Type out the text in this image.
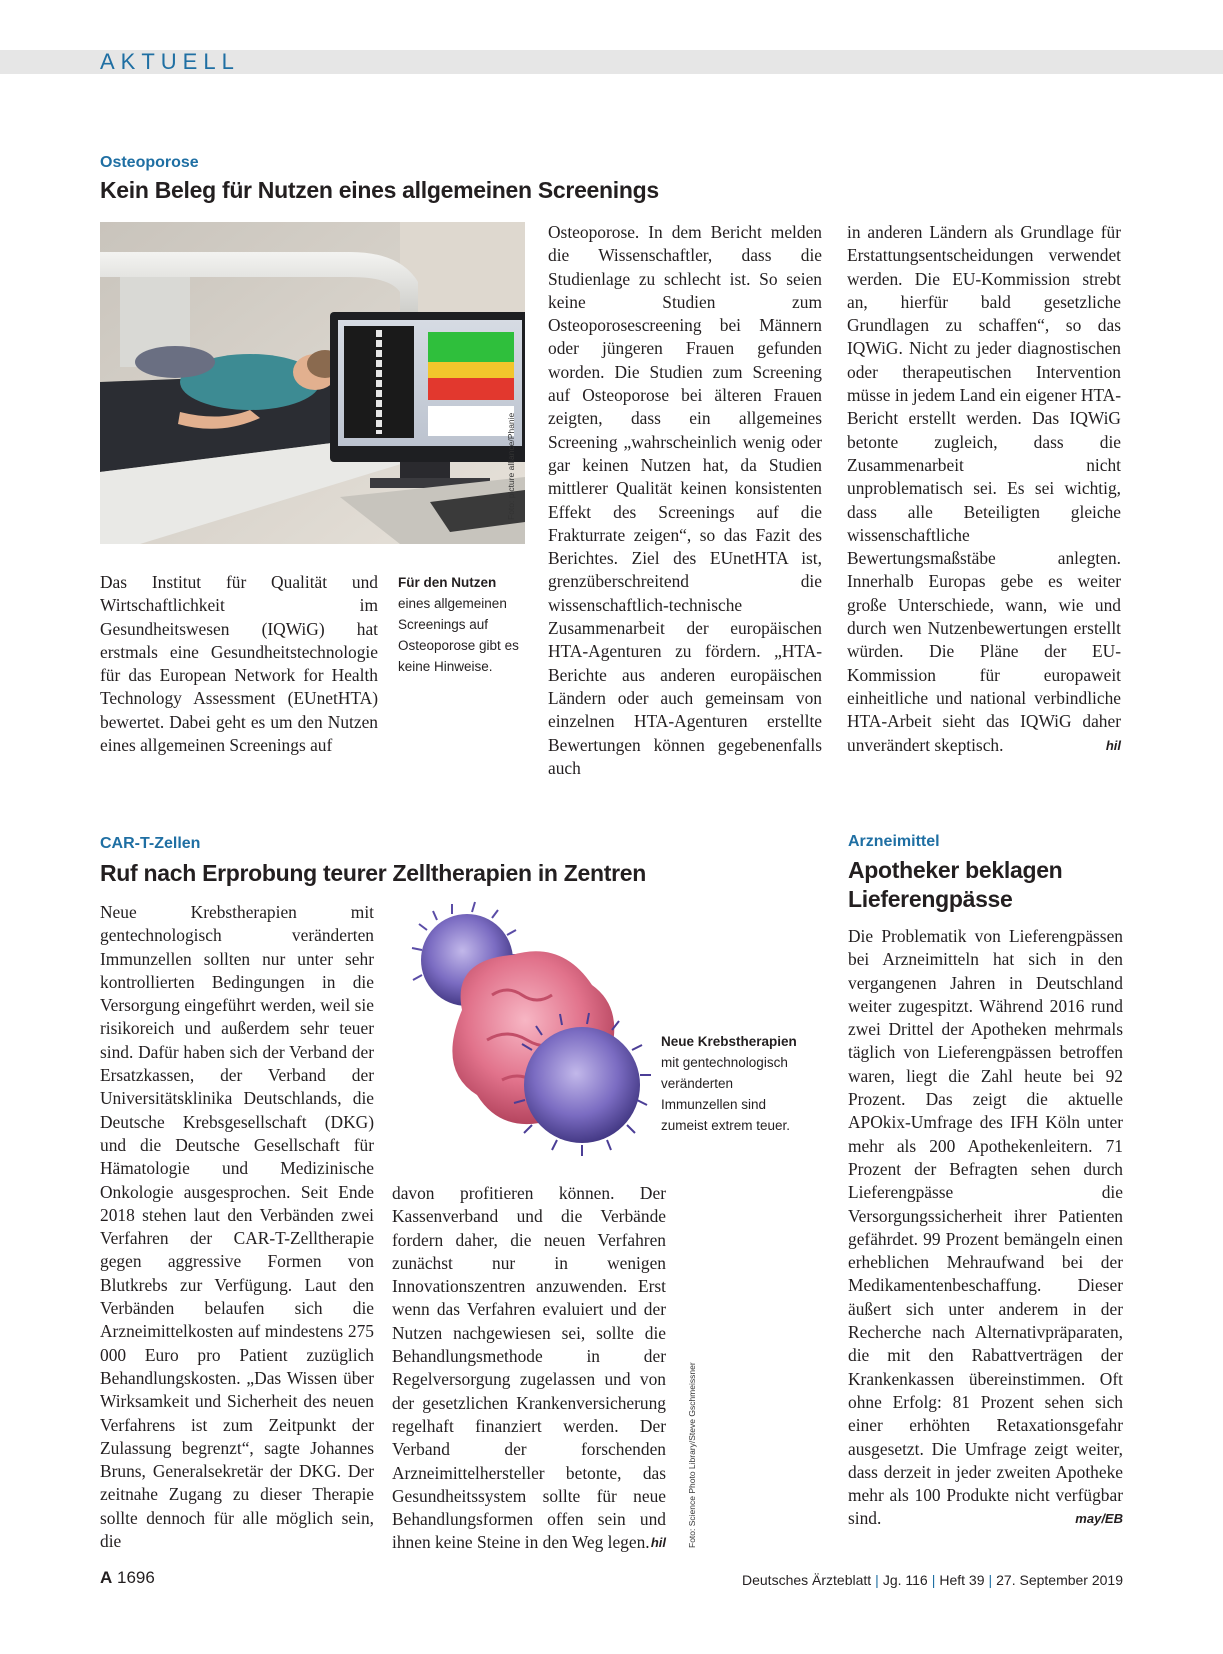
AKTUELL
Osteoporose
Kein Beleg für Nutzen eines allgemeinen Screenings
Foto: picture alliance/Phanie
Das Institut für Qualität und Wirtschaftlichkeit im Gesundheitswesen (IQWiG) hat erstmals eine Gesundheitstechnologie für das European Network for Health Technology Assessment (EUnetHTA) bewertet. Dabei geht es um den Nutzen eines allgemeinen Screenings auf
Für den Nutzen
eines allgemeinen Screenings auf Osteoporose gibt es keine Hinweise.
Osteoporose. In dem Bericht melden die Wissenschaftler, dass die Studienlage zu schlecht ist. So seien keine Studien zum Osteoporosescreening bei Männern oder jüngeren Frauen gefunden worden. Die Studien zum Screening auf Osteoporose bei älteren Frauen zeigten, dass ein allgemeines Screening „wahrscheinlich wenig oder gar keinen Nutzen hat, da Studien mittlerer Qualität keinen konsistenten Effekt des Screenings auf die Frakturrate zeigen“, so das Fazit des Berichtes. Ziel des EUnetHTA ist, grenzüberschreitend die wissenschaftlich-technische Zusammenarbeit der europäischen HTA-Agenturen zu fördern. „HTA-Berichte aus anderen europäischen Ländern oder auch gemeinsam von einzelnen HTA-Agenturen erstellte Bewertungen können gegebenenfalls auch
in anderen Ländern als Grundlage für Erstattungsentscheidungen verwendet werden. Die EU-Kommission strebt an, hierfür bald gesetzliche Grundlagen zu schaffen“, so das IQWiG. Nicht zu jeder diagnostischen oder therapeutischen Intervention müsse in jedem Land ein eigener HTA-Bericht erstellt werden. Das IQWiG betonte zugleich, dass die Zusammenarbeit nicht unproblematisch sei. Es sei wichtig, dass alle Beteiligten gleiche wissenschaftliche Bewertungsmaßstäbe anlegten. Innerhalb Europas gebe es weiter große Unterschiede, wann, wie und durch wen Nutzenbewertungen erstellt würden. Die Pläne der EU-Kommission für europaweit einheitliche und national verbindliche HTA-Arbeit sieht das IQWiG daher unverändert skeptisch.	hil
CAR-T-Zellen
Ruf nach Erprobung teurer Zelltherapien in Zentren
Neue Krebstherapien mit gentechnologisch veränderten Immunzellen sollten nur unter sehr kontrollierten Bedingungen in die Versorgung eingeführt werden, weil sie risikoreich und außerdem sehr teuer sind. Dafür haben sich der Verband der Ersatzkassen, der Verband der Universitätsklinika Deutschlands, die Deutsche Krebsgesellschaft (DKG) und die Deutsche Gesellschaft für Hämatologie und Medizinische Onkologie ausgesprochen. Seit Ende 2018 stehen laut den Verbänden zwei Verfahren der CAR-T-Zelltherapie gegen aggressive Formen von Blutkrebs zur Verfügung. Laut den Verbänden belaufen sich die Arzneimittelkosten auf mindestens 275 000 Euro pro Patient zuzüglich Behandlungskosten. „Das Wissen über Wirksamkeit und Sicherheit des neuen Verfahrens ist zum Zeitpunkt der Zulassung begrenzt“, sagte Johannes Bruns, Generalsekretär der DKG. Der zeitnahe Zugang zu dieser Therapie sollte dennoch für alle möglich sein, die
Neue Krebstherapien
mit gentechnologisch veränderten Immunzellen sind zumeist extrem teuer.
davon profitieren können. Der Kassenverband und die Verbände fordern daher, die neuen Verfahren zunächst nur in wenigen Innovationszentren anzuwenden. Erst wenn das Verfahren evaluiert und der Nutzen nachgewiesen sei, sollte die Behandlungsmethode in der Regelversorgung zugelassen und von der gesetzlichen Krankenversicherung regelhaft finanziert werden. Der Verband der forschenden Arzneimittelhersteller betonte, das Gesundheitssystem sollte für neue Behandlungsformen offen sein und ihnen keine Steine in den Weg legen. hil Foto: Science Photo Library/Steve Gschmeissner
Arzneimittel
Apotheker beklagen Lieferengpässe
Die Problematik von Lieferengpässen bei Arzneimitteln hat sich in den vergangenen Jahren in Deutschland weiter zugespitzt. Während 2016 rund zwei Drittel der Apotheken mehrmals täglich von Lieferengpässen betroffen waren, liegt die Zahl heute bei 92 Prozent. Das zeigt die aktuelle APOkix-Umfrage des IFH Köln unter mehr als 200 Apothekenleitern. 71 Prozent der Befragten sehen durch Lieferengpässe die Versorgungssicherheit ihrer Patienten gefährdet. 99 Prozent bemängeln einen erheblichen Mehraufwand bei der Medikamentenbeschaffung. Dieser äußert sich unter anderem in der Recherche nach Alternativpräparaten, die mit den Rabattverträgen der Krankenkassen übereinstimmen. Oft ohne Erfolg: 81 Prozent sehen sich einer erhöhten Retaxationsgefahr ausgesetzt. Die Umfrage zeigt weiter, dass derzeit in jeder zweiten Apotheke mehr als 100 Produkte nicht verfügbar sind.	may/EB
A 1696	Deutsches Ärzteblatt | Jg. 116 | Heft 39 | 27. September 2019
